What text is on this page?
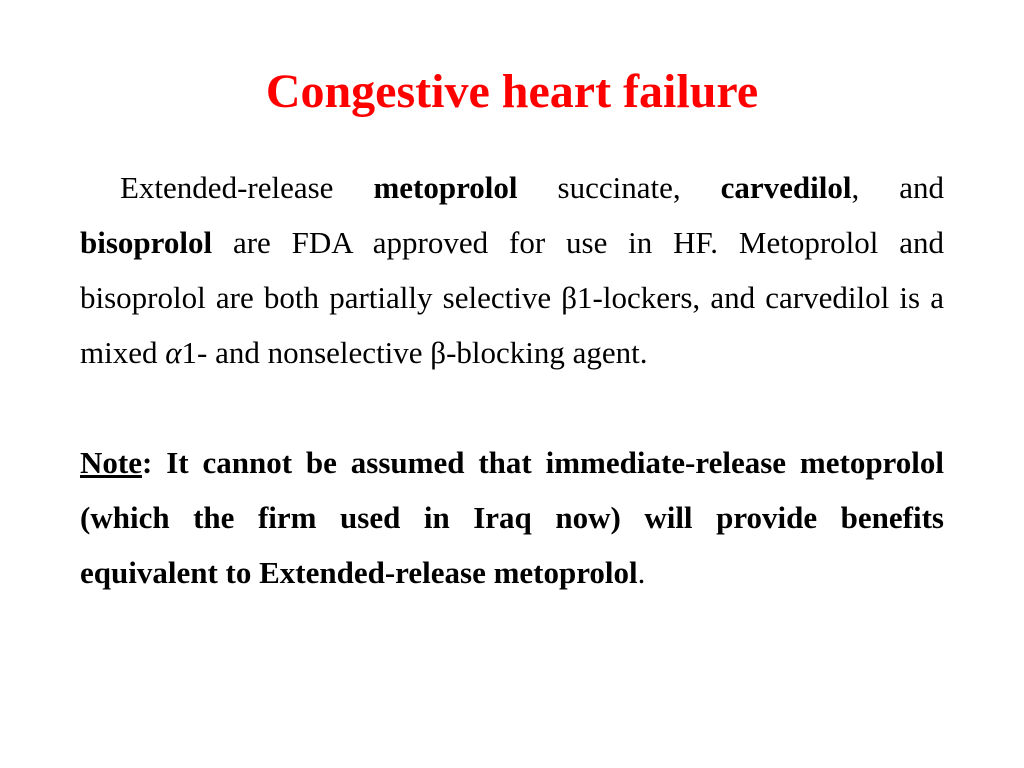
Congestive heart failure

Extended-release metoprolol succinate, carvedilol, and bisoprolol are FDA approved for use in HF. Metoprolol and bisoprolol are both partially selective β1-lockers, and carvedilol is a mixed α1- and nonselective β-blocking agent.

Note: It cannot be assumed that immediate-release metoprolol (which the firm used in Iraq now) will provide benefits equivalent to Extended-release metoprolol.
